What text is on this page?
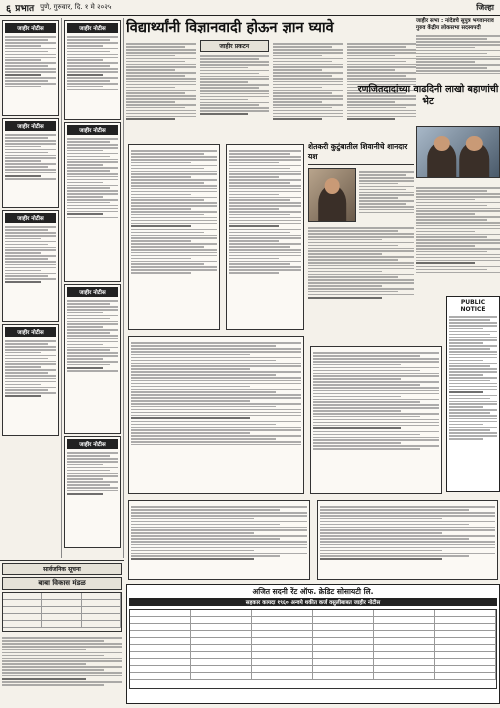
६ प्रभात पुणे, गुरुवार, दि. १ मे २०२५	जिल्हा
जाहीर नोटीस
जाहीर नोटीस
जाहीर नोटीस
जाहीर नोटीस
जाहीर नोटीस
जाहीर नोटीस
जाहीर नोटीस
जाहीर नोटीस
सार्वजनिक सूचना
बाबा विकास मंडळ
विद्यार्थ्यांनी विज्ञानवादी होऊन ज्ञान घ्यावे
जाहीर प्रकटन
शेतकरी कुटुंबातील शिवानीचे शानदार यश
जाहीर सभा : नांदेडचे सुपुत्र भगवानराव गुरुव केंद्रीय लोकसभा सदस्यपदी
रणजितदादांच्या वाढदिनी लाखो बहाणांची भेट
PUBLIC NOTICE
अजित सदनी रेंट ऑफ. क्रेडिट सोसायटी लि.
सहकार कायदा १९६० अन्वये थकीत कर्ज वसुलीबाबत जाहीर नोटीस
